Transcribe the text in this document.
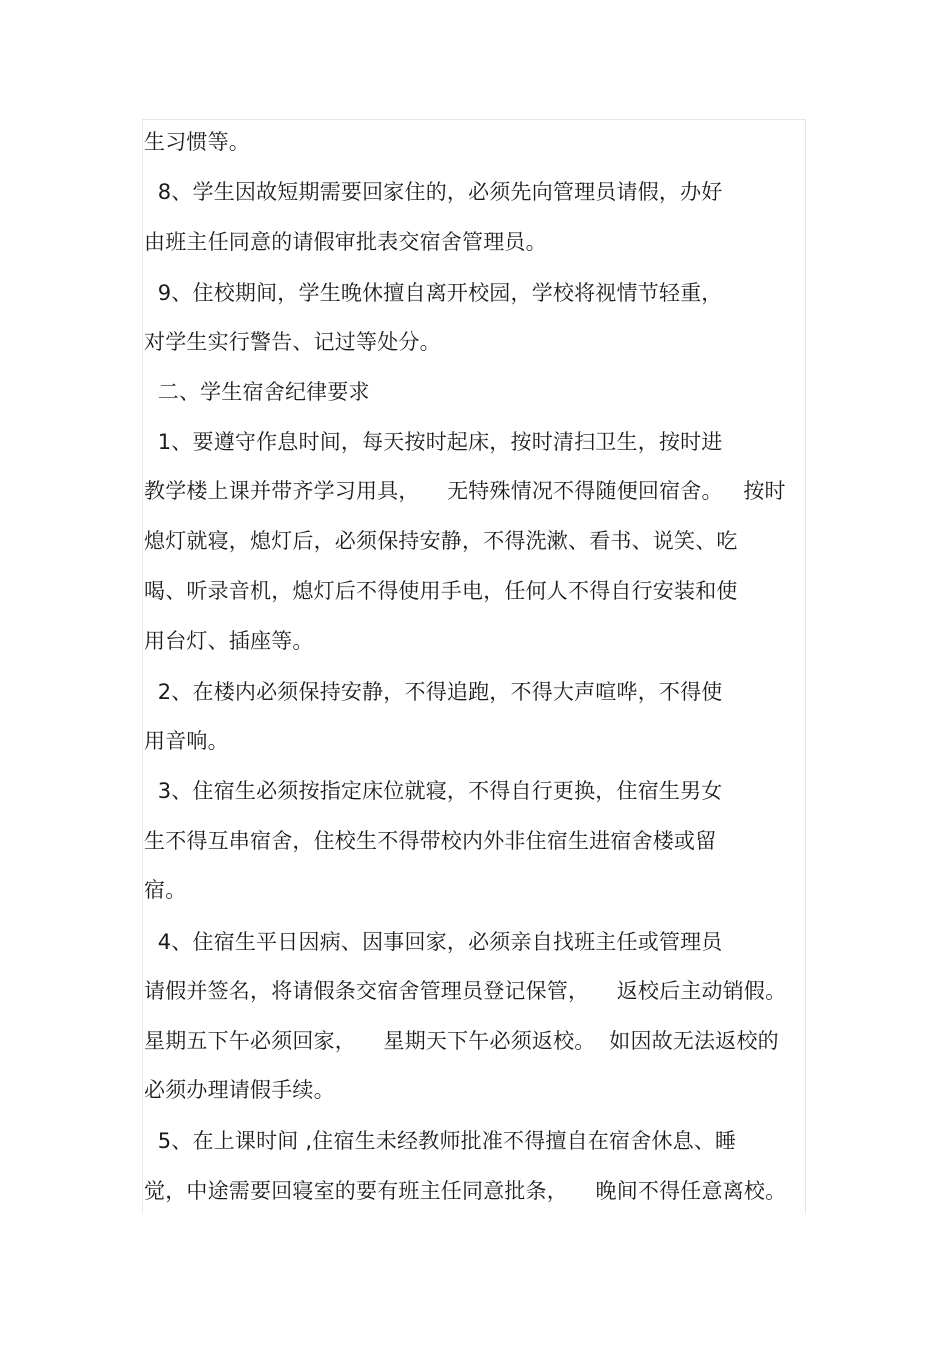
生习惯等。
8、学生因故短期需要回家住的，必须先向管理员请假，办好
由班主任同意的请假审批表交宿舍管理员。
9、住校期间，学生晚休擅自离开校园，学校将视情节轻重，
对学生实行警告、记过等处分。
二、学生宿舍纪律要求
1、要遵守作息时间，每天按时起床，按时清扫卫生，按时进
教学楼上课并带齐学习用具，    无特殊情况不得随便回宿舍。   按时
熄灯就寝，熄灯后，必须保持安静，不得洗漱、看书、说笑、吃
喝、听录音机，熄灯后不得使用手电，任何人不得自行安装和使
用台灯、插座等。
2、在楼内必须保持安静，不得追跑，不得大声喧哗，不得使
用音响。
3、住宿生必须按指定床位就寝，不得自行更换，住宿生男女
生不得互串宿舍，住校生不得带校内外非住宿生进宿舍楼或留
宿。
4、住宿生平日因病、因事回家，必须亲自找班主任或管理员
请假并签名，将请假条交宿舍管理员登记保管，    返校后主动销假。
星期五下午必须回家，    星期天下午必须返校。  如因故无法返校的
必须办理请假手续。
5、在上课时间 ,住宿生未经教师批准不得擅自在宿舍休息、睡
觉，中途需要回寝室的要有班主任同意批条，    晚间不得任意离校。
